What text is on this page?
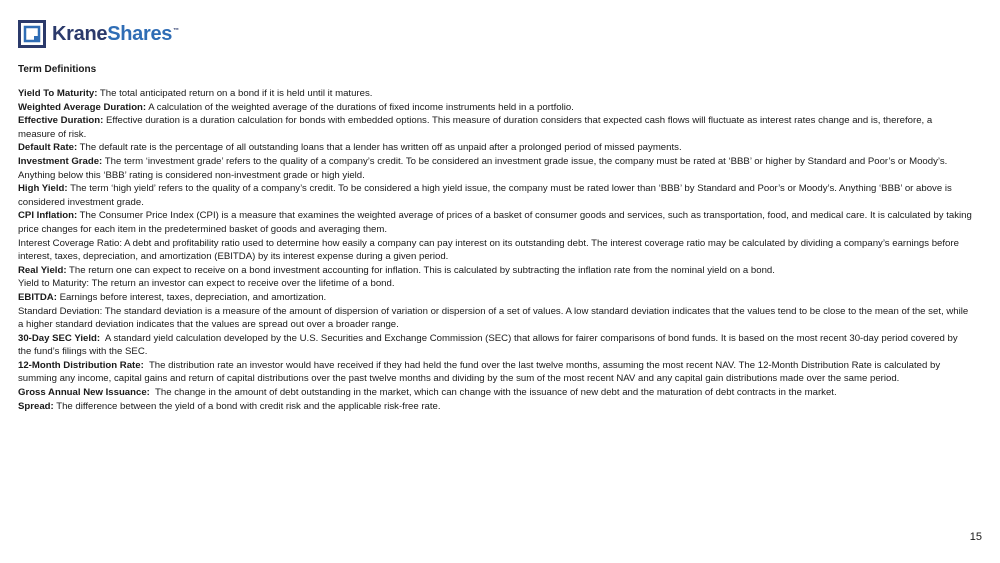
KraneShares™
Term Definitions

Yield To Maturity: The total anticipated return on a bond if it is held until it matures.

Weighted Average Duration: A calculation of the weighted average of the durations of fixed income instruments held in a portfolio.

Effective Duration: Effective duration is a duration calculation for bonds with embedded options. This measure of duration considers that expected cash flows will fluctuate as interest rates change and is, therefore, a measure of risk.

Default Rate: The default rate is the percentage of all outstanding loans that a lender has written off as unpaid after a prolonged period of missed payments.

Investment Grade: The term ‘investment grade’ refers to the quality of a company’s credit. To be considered an investment grade issue, the company must be rated at ‘BBB’ or higher by Standard and Poor’s or Moody’s. Anything below this ‘BBB’ rating is considered non-investment grade or high yield.

High Yield: The term ‘high yield’ refers to the quality of a company’s credit. To be considered a high yield issue, the company must be rated lower than ‘BBB’ by Standard and Poor’s or Moody’s. Anything ‘BBB’ or above is considered investment grade.

CPI Inflation: The Consumer Price Index (CPI) is a measure that examines the weighted average of prices of a basket of consumer goods and services, such as transportation, food, and medical care. It is calculated by taking price changes for each item in the predetermined basket of goods and averaging them.

Interest Coverage Ratio: A debt and profitability ratio used to determine how easily a company can pay interest on its outstanding debt. The interest coverage ratio may be calculated by dividing a company’s earnings before interest, taxes, depreciation, and amortization (EBITDA) by its interest expense during a given period.

Real Yield: The return one can expect to receive on a bond investment accounting for inflation. This is calculated by subtracting the inflation rate from the nominal yield on a bond.

Yield to Maturity: The return an investor can expect to receive over the lifetime of a bond.

EBITDA: Earnings before interest, taxes, depreciation, and amortization.

Standard Deviation: The standard deviation is a measure of the amount of dispersion of variation or dispersion of a set of values. A low standard deviation indicates that the values tend to be close to the mean of the set, while a higher standard deviation indicates that the values are spread out over a broader range.

30-Day SEC Yield:  A standard yield calculation developed by the U.S. Securities and Exchange Commission (SEC) that allows for fairer comparisons of bond funds. It is based on the most recent 30-day period covered by the fund’s filings with the SEC.

12-Month Distribution Rate:  The distribution rate an investor would have received if they had held the fund over the last twelve months, assuming the most recent NAV. The 12-Month Distribution Rate is calculated by summing any income, capital gains and return of capital distributions over the past twelve months and dividing by the sum of the most recent NAV and any capital gain distributions made over the same period.

Gross Annual New Issuance:  The change in the amount of debt outstanding in the market, which can change with the issuance of new debt and the maturation of debt contracts in the market.

Spread: The difference between the yield of a bond with credit risk and the applicable risk-free rate.

15
